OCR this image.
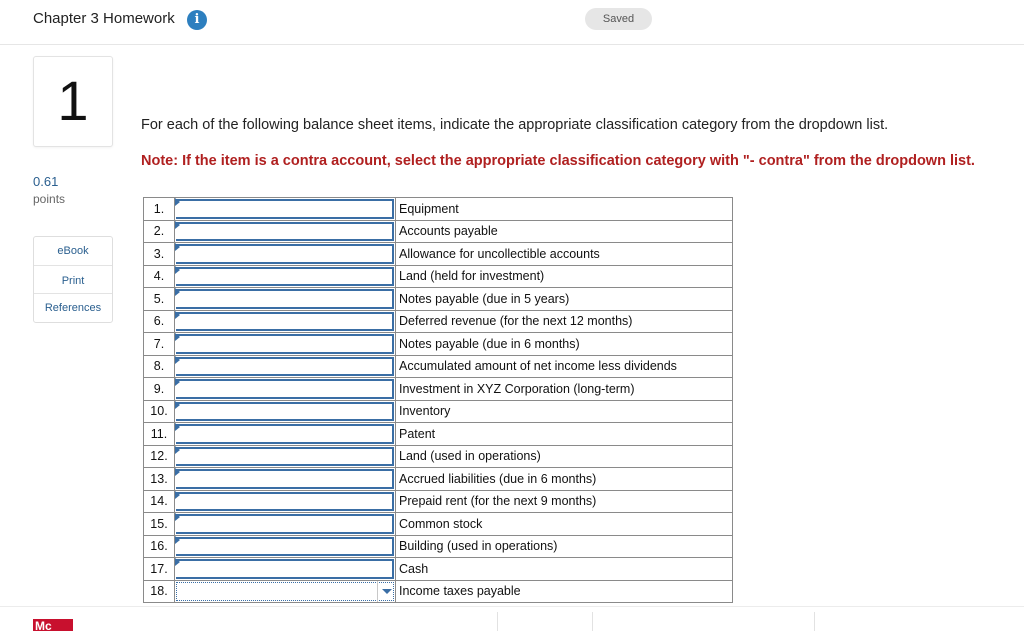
Chapter 3 Homework	i	Saved
1
0.61
points
eBook
Print
References
For each of the following balance sheet items, indicate the appropriate classification category from the dropdown list.
Note: If the item is a contra account, select the appropriate classification category with "- contra" from the dropdown list.
1.		Equipment
2.		Accounts payable
3.		Allowance for uncollectible accounts
4.		Land (held for investment)
5.		Notes payable (due in 5 years)
6.		Deferred revenue (for the next 12 months)
7.		Notes payable (due in 6 months)
8.		Accumulated amount of net income less dividends
9.		Investment in XYZ Corporation (long-term)
10.		Inventory
11.		Patent
12.		Land (used in operations)
13.		Accrued liabilities (due in 6 months)
14.		Prepaid rent (for the next 9 months)
15.		Common stock
16.		Building (used in operations)
17.		Cash
18.		Income taxes payable
Mc
